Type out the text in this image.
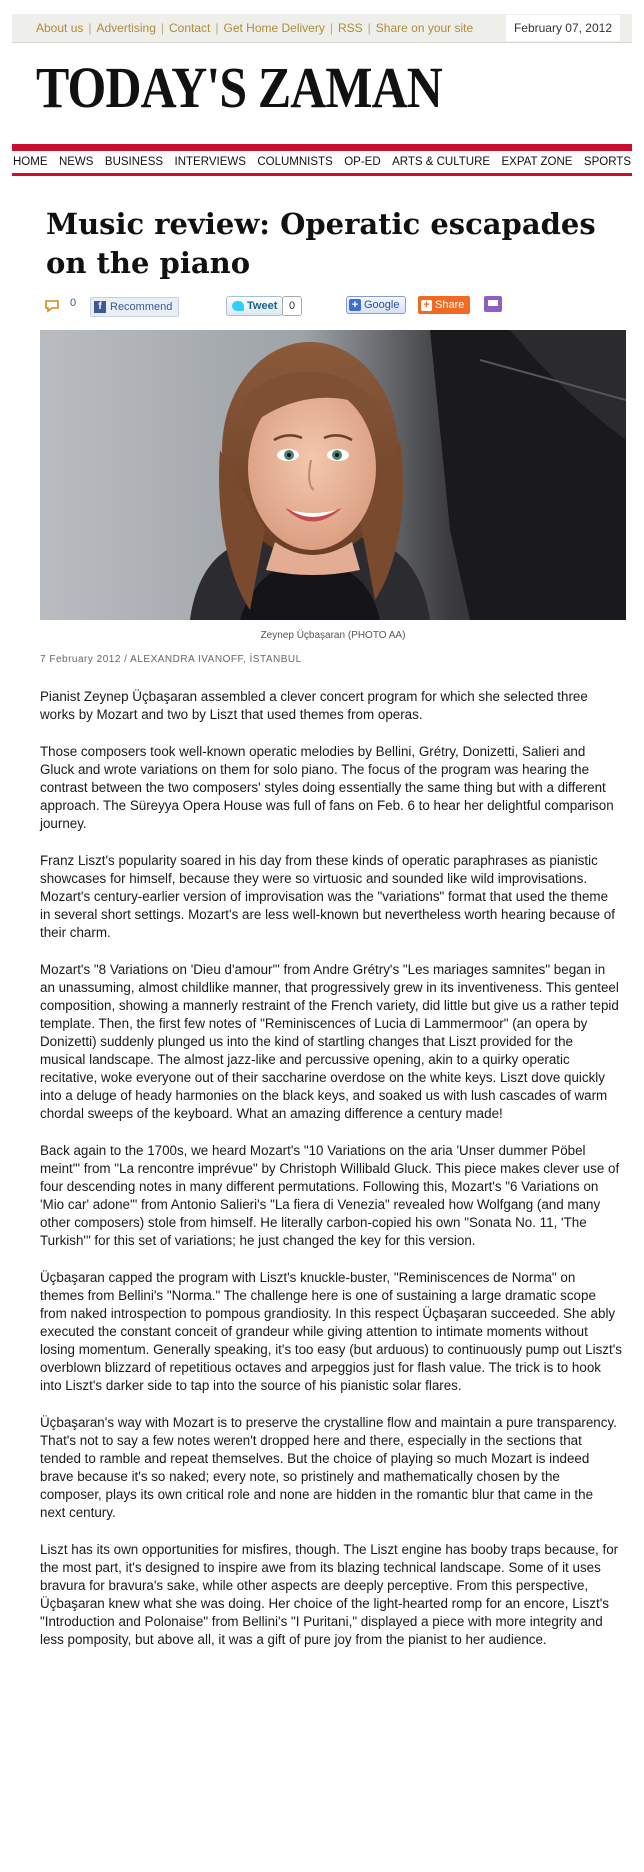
About us | Advertising | Contact | Get Home Delivery | RSS | Share on your site	February 07, 2012
TODAY'S ZAMAN
HOME NEWS BUSINESS INTERVIEWS COLUMNISTS OP-ED ARTS & CULTURE EXPAT ZONE SPORTS
Music review: Operatic escapades on the piano
0	f Recommend	Tweet	0	+ Google + Share
Zeynep Üçbaşaran (PHOTO AA)
7 February 2012 / ALEXANDRA IVANOFF, İSTANBUL

Pianist Zeynep Üçbaşaran assembled a clever concert program for which she selected three works by Mozart and two by Liszt that used themes from operas.

Those composers took well-known operatic melodies by Bellini, Grétry, Donizetti, Salieri and Gluck and wrote variations on them for solo piano. The focus of the program was hearing the contrast between the two composers' styles doing essentially the same thing but with a different approach. The Süreyya Opera House was full of fans on Feb. 6 to hear her delightful comparison journey.

Franz Liszt's popularity soared in his day from these kinds of operatic paraphrases as pianistic showcases for himself, because they were so virtuosic and sounded like wild improvisations. Mozart's century-earlier version of improvisation was the "variations" format that used the theme in several short settings. Mozart's are less well-known but nevertheless worth hearing because of their charm.

Mozart's "8 Variations on 'Dieu d'amour'" from Andre Grétry's "Les mariages samnites" began in an unassuming, almost childlike manner, that progressively grew in its inventiveness. This genteel composition, showing a mannerly restraint of the French variety, did little but give us a rather tepid template. Then, the first few notes of "Reminiscences of Lucia di Lammermoor" (an opera by Donizetti) suddenly plunged us into the kind of startling changes that Liszt provided for the musical landscape. The almost jazz-like and percussive opening, akin to a quirky operatic recitative, woke everyone out of their saccharine overdose on the white keys. Liszt dove quickly into a deluge of heady harmonies on the black keys, and soaked us with lush cascades of warm chordal sweeps of the keyboard. What an amazing difference a century made!

Back again to the 1700s, we heard Mozart's "10 Variations on the aria 'Unser dummer Pöbel meint'" from "La rencontre imprévue" by Christoph Willibald Gluck. This piece makes clever use of four descending notes in many different permutations. Following this, Mozart's "6 Variations on 'Mio car' adone'" from Antonio Salieri's "La fiera di Venezia" revealed how Wolfgang (and many other composers) stole from himself. He literally carbon-copied his own "Sonata No. 11, 'The Turkish'" for this set of variations; he just changed the key for this version.

Üçbaşaran capped the program with Liszt's knuckle-buster, "Reminiscences de Norma" on themes from Bellini's "Norma." The challenge here is one of sustaining a large dramatic scope from naked introspection to pompous grandiosity. In this respect Üçbaşaran succeeded. She ably executed the constant conceit of grandeur while giving attention to intimate moments without losing momentum. Generally speaking, it's too easy (but arduous) to continuously pump out Liszt's overblown blizzard of repetitious octaves and arpeggios just for flash value. The trick is to hook into Liszt's darker side to tap into the source of his pianistic solar flares.

Üçbaşaran's way with Mozart is to preserve the crystalline flow and maintain a pure transparency. That's not to say a few notes weren't dropped here and there, especially in the sections that tended to ramble and repeat themselves. But the choice of playing so much Mozart is indeed brave because it's so naked; every note, so pristinely and mathematically chosen by the composer, plays its own critical role and none are hidden in the romantic blur that came in the next century.

Liszt has its own opportunities for misfires, though. The Liszt engine has booby traps because, for the most part, it's designed to inspire awe from its blazing technical landscape. Some of it uses bravura for bravura's sake, while other aspects are deeply perceptive. From this perspective, Üçbaşaran knew what she was doing. Her choice of the light-hearted romp for an encore, Liszt's "Introduction and Polonaise" from Bellini's "I Puritani," displayed a piece with more integrity and less pomposity, but above all, it was a gift of pure joy from the pianist to her audience.
